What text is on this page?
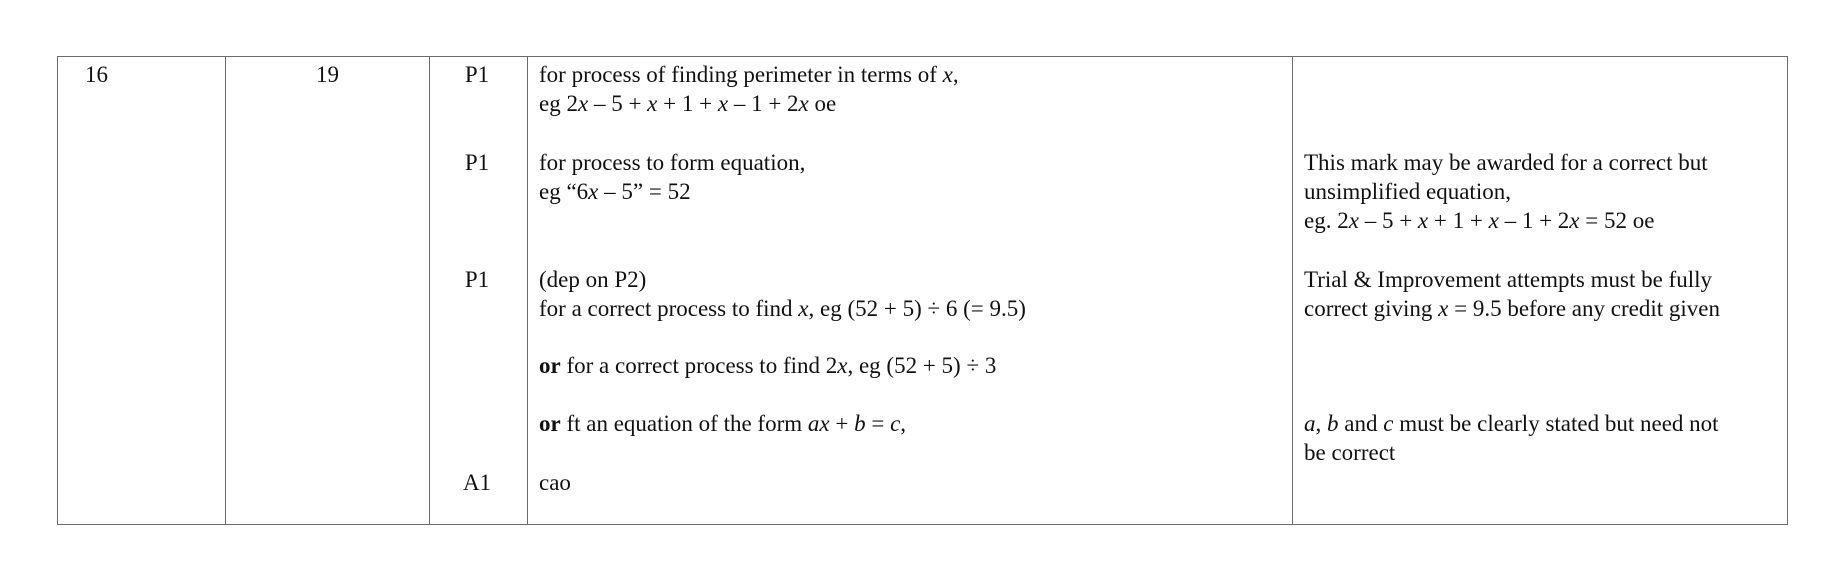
16	19	P1
P1
P1
A1
for process of finding perimeter in terms of x,
eg 2x – 5 + x + 1 + x – 1 + 2x oe
for process to form equation,
eg “6x – 5” = 52
(dep on P2)
for a correct process to find x, eg (52 + 5) ÷ 6 (= 9.5)
or for a correct process to find 2x, eg (52 + 5) ÷ 3
or ft an equation of the form ax + b = c,
cao
This mark may be awarded for a correct but
unsimplified equation,
eg. 2x – 5 + x + 1 + x – 1 + 2x = 52 oe
Trial & Improvement attempts must be fully
correct giving x = 9.5 before any credit given
a, b and c must be clearly stated but need not
be correct
